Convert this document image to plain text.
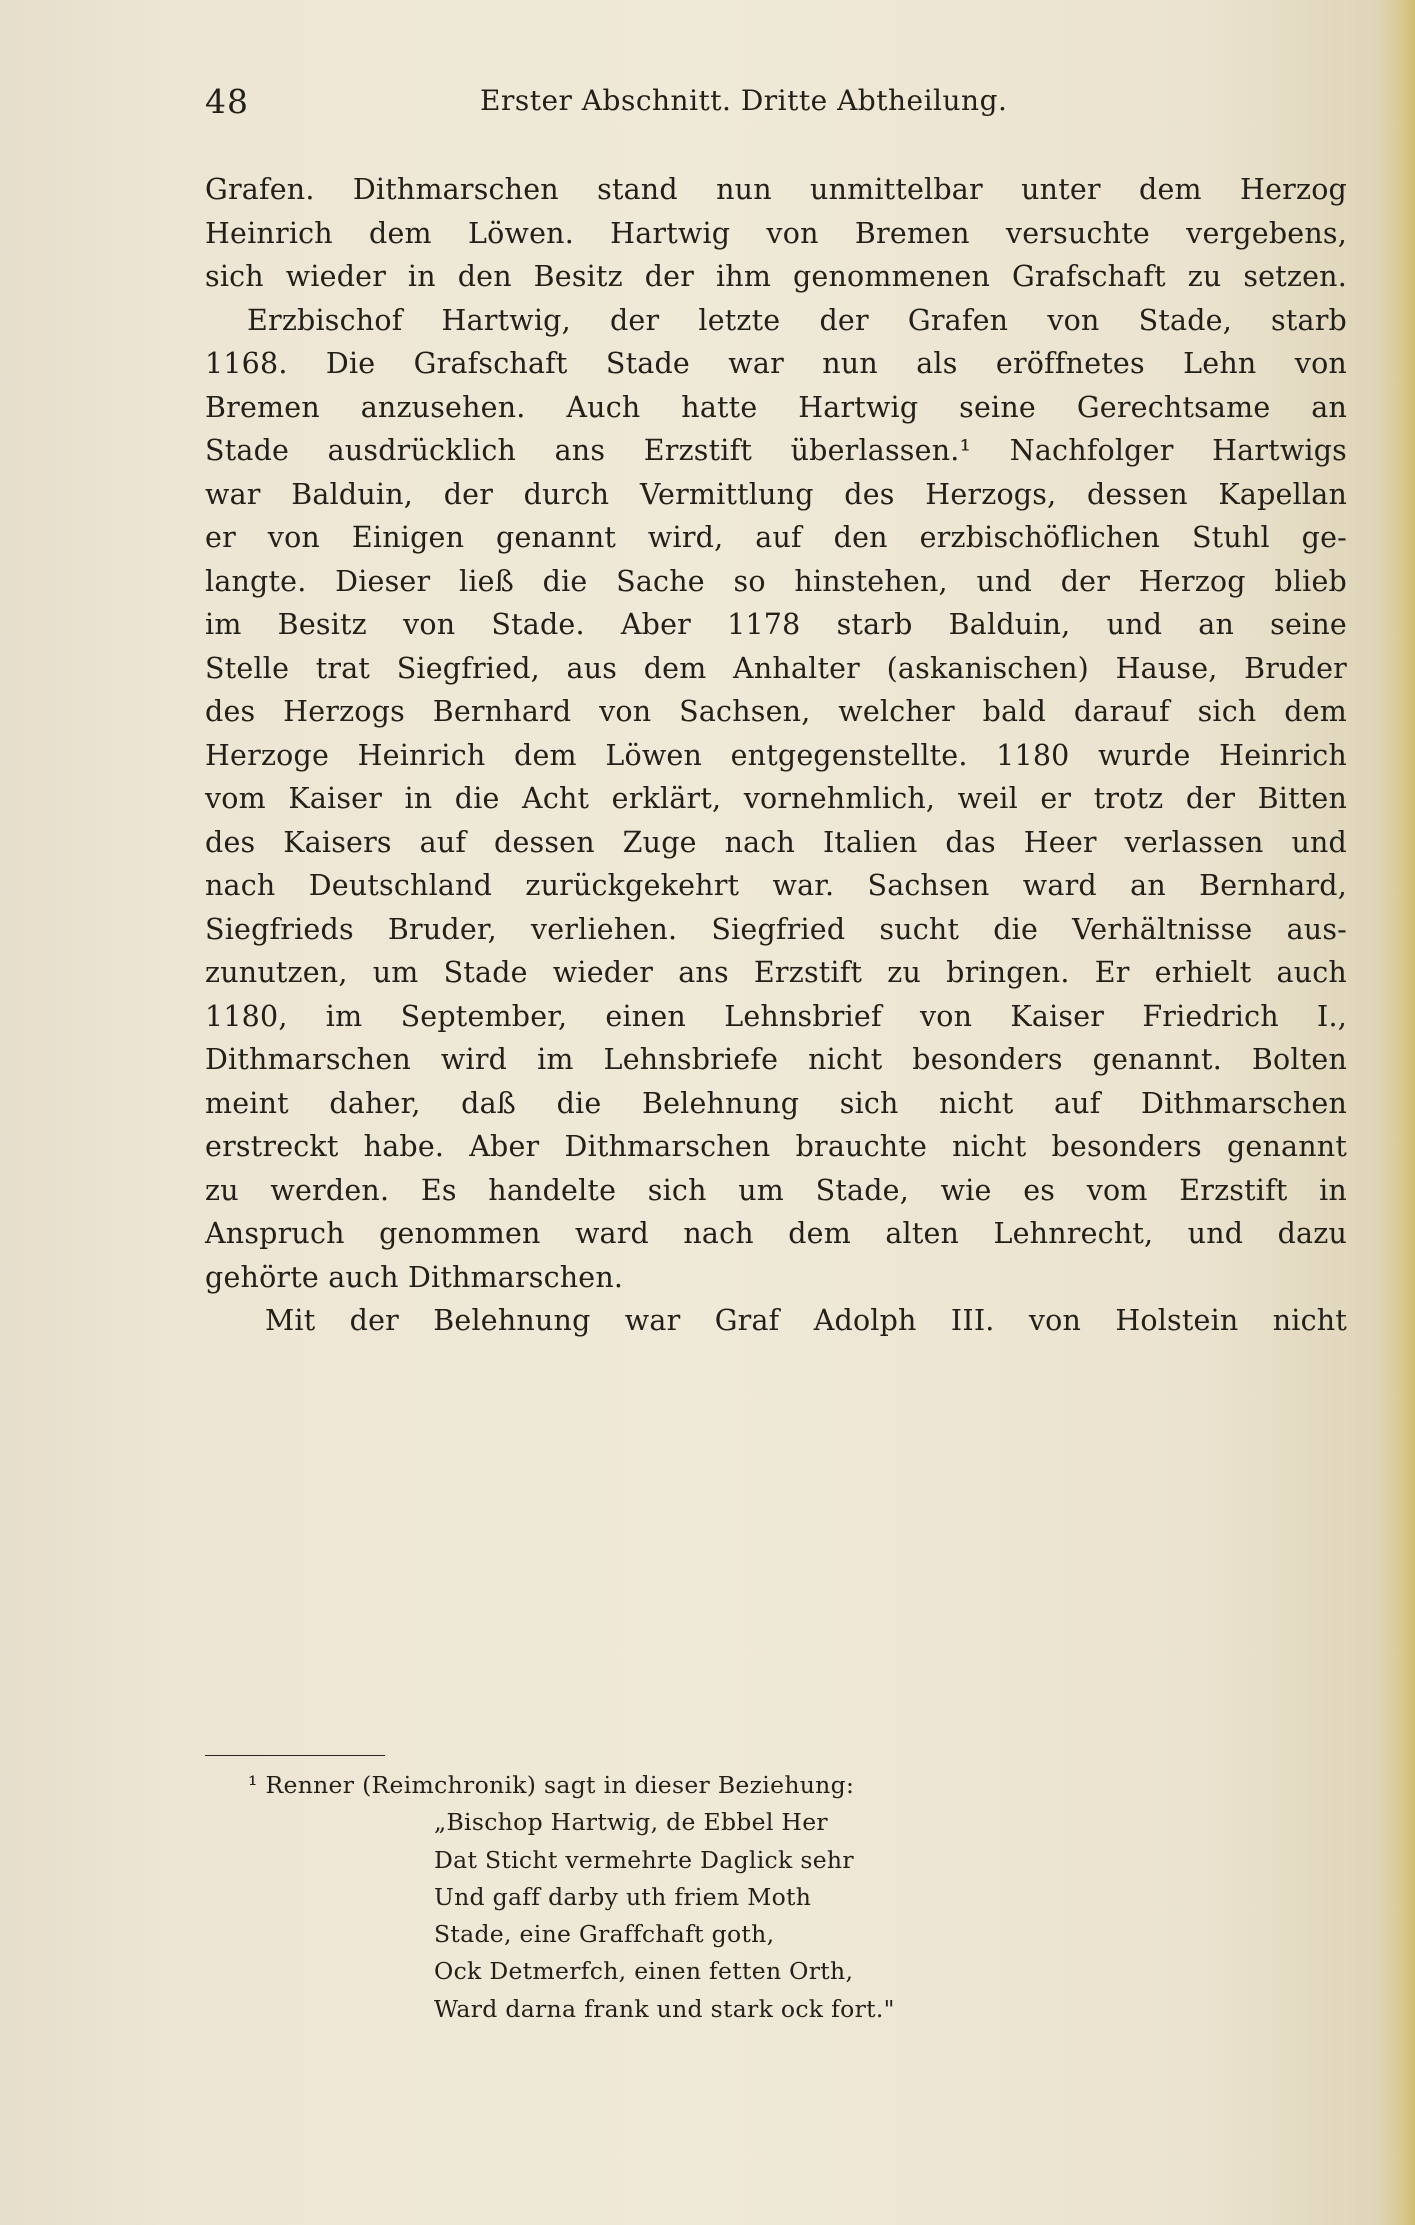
48	Erster Abschnitt. Dritte Abtheilung.
Grafen. Dithmarschen stand nun unmittelbar unter dem Herzog
Heinrich dem Löwen. Hartwig von Bremen versuchte vergebens,
sich wieder in den Besitz der ihm genommenen Grafschaft zu setzen.
Erzbischof Hartwig, der letzte der Grafen von Stade, starb
1168. Die Grafschaft Stade war nun als eröffnetes Lehn von
Bremen anzusehen. Auch hatte Hartwig seine Gerechtsame an
Stade ausdrücklich ans Erzstift überlassen.¹ Nachfolger Hartwigs
war Balduin, der durch Vermittlung des Herzogs, dessen Kapellan
er von Einigen genannt wird, auf den erzbischöflichen Stuhl ge-
langte. Dieser ließ die Sache so hinstehen, und der Herzog blieb
im Besitz von Stade. Aber 1178 starb Balduin, und an seine
Stelle trat Siegfried, aus dem Anhalter (askanischen) Hause, Bruder
des Herzogs Bernhard von Sachsen, welcher bald darauf sich dem
Herzoge Heinrich dem Löwen entgegenstellte. 1180 wurde Heinrich
vom Kaiser in die Acht erklärt, vornehmlich, weil er trotz der Bitten
des Kaisers auf dessen Zuge nach Italien das Heer verlassen und
nach Deutschland zurückgekehrt war. Sachsen ward an Bernhard,
Siegfrieds Bruder, verliehen. Siegfried sucht die Verhältnisse aus-
zunutzen, um Stade wieder ans Erzstift zu bringen. Er erhielt auch
1180, im September, einen Lehnsbrief von Kaiser Friedrich I.,
Dithmarschen wird im Lehnsbriefe nicht besonders genannt. Bolten
meint daher, daß die Belehnung sich nicht auf Dithmarschen
erstreckt habe. Aber Dithmarschen brauchte nicht besonders genannt
zu werden. Es handelte sich um Stade, wie es vom Erzstift in
Anspruch genommen ward nach dem alten Lehnrecht, und dazu
gehörte auch Dithmarschen.
Mit der Belehnung war Graf Adolph III. von Holstein nicht
¹ Renner (Reimchronik) sagt in dieser Beziehung:
„Bischop Hartwig, de Ebbel Her
Dat Sticht vermehrte Daglick sehr
Und gaff darby uth friem Moth
Stade, eine Graffchaft goth,
Ock Detmerfch, einen fetten Orth,
Ward darna frank und stark ock fort."
